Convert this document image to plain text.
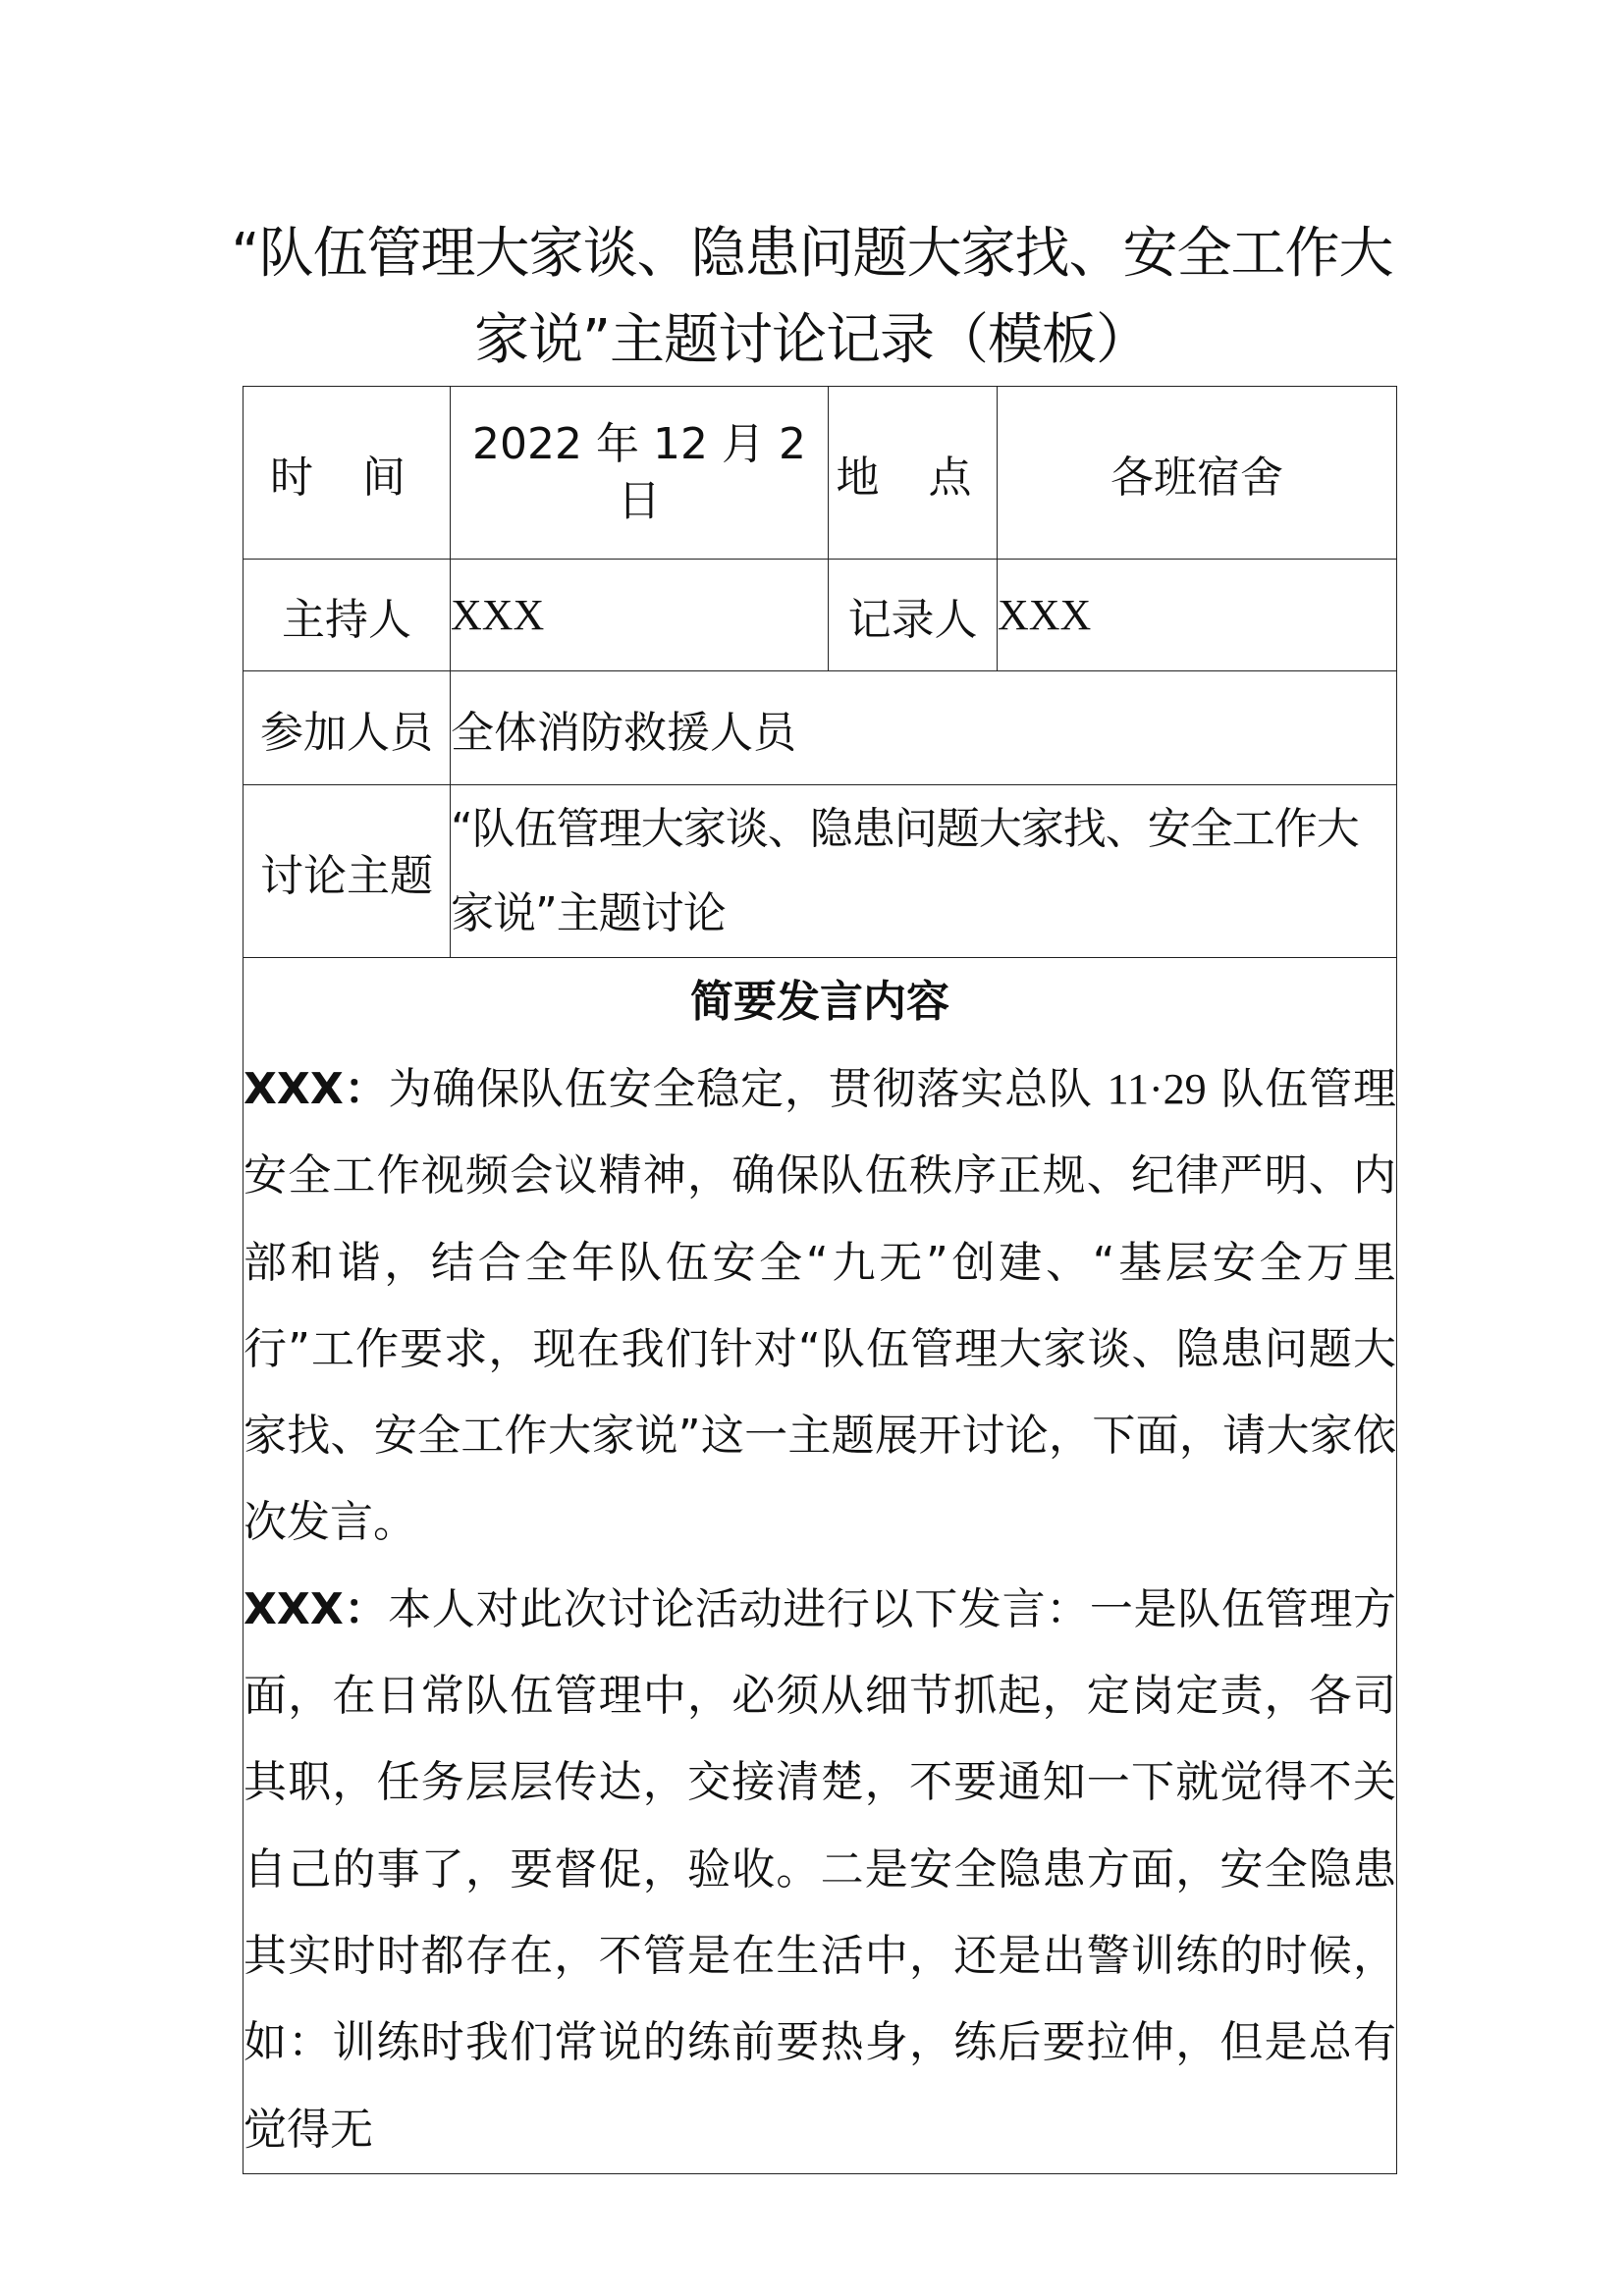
“队伍管理大家谈、隐患问题大家找、安全工作大
家说”主题讨论记录（模板）
时 间	2022 年 12 月 2 日	地 点	各班宿舍
主持人	XXX	记录人	XXX
参加人员	全体消防救援人员		
讨论主题	“队伍管理大家谈、隐患问题大家找、安全工作大家说”主题讨论		

简要发言内容

XXX：为确保队伍安全稳定，贯彻落实总队 11·29 队伍管理安全工作视频会议精神，确保队伍秩序正规、纪律严明、内部和谐，结合全年队伍安全“九无”创建、“基层安全万里行”工作要求，现在我们针对“队伍管理大家谈、隐患问题大家找、安全工作大家说”这一主题展开讨论，下面，请大家依次发言。

XXX：本人对此次讨论活动进行以下发言：一是队伍管理方面，在日常队伍管理中，必须从细节抓起，定岗定责，各司其职，任务层层传达，交接清楚，不要通知一下就觉得不关自己的事了，要督促，验收。二是安全隐患方面，安全隐患其实时时都存在，不管是在生活中，还是出警训练的时候，如：训练时我们常说的练前要热身，练后要拉伸，但是总有觉得无			
